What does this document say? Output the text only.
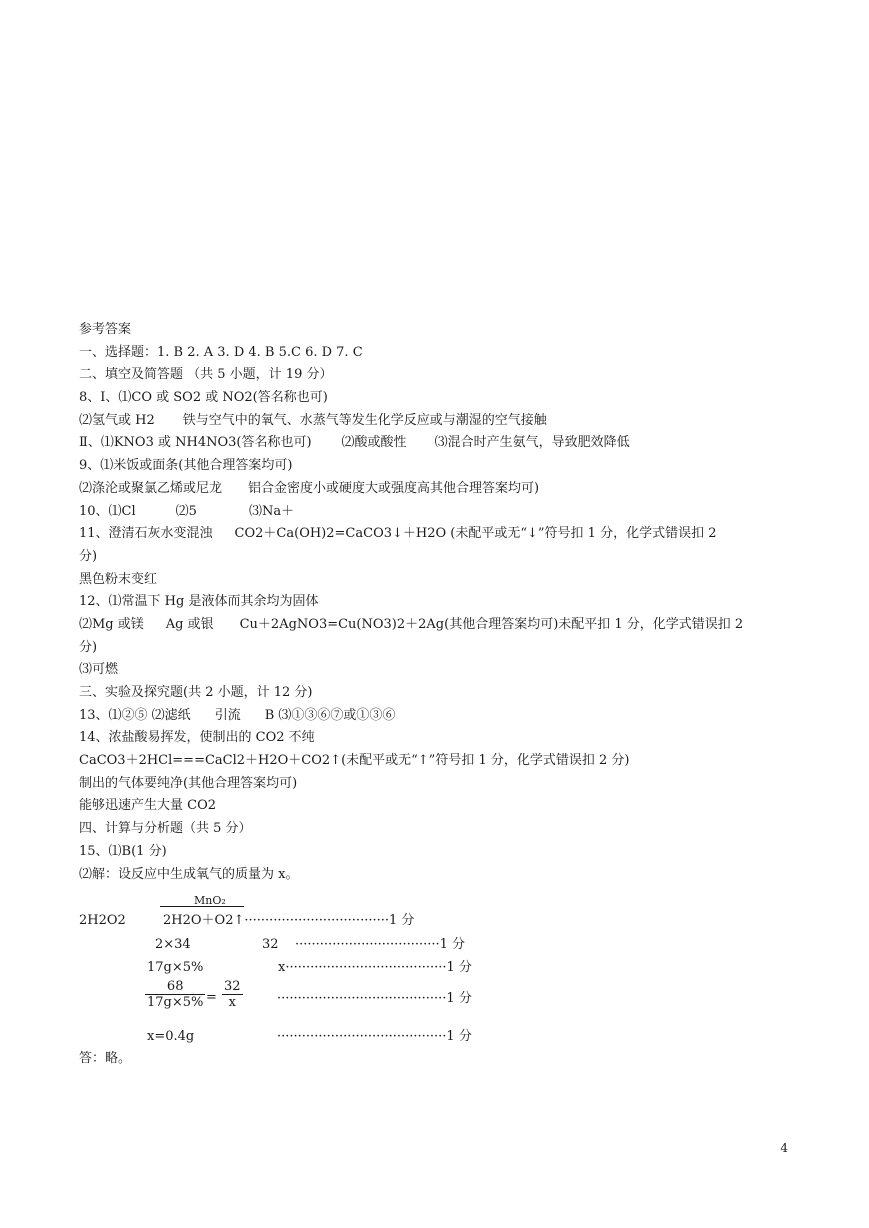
参考答案
一、选择题：1. B 2. A 3. D 4. B 5.C 6. D 7. C
二、填空及简答题 （共 5 小题，计 19 分）
8、Ⅰ、⑴CO 或 SO2 或 NO2(答名称也可)
⑵氢气或 H2 铁与空气中的氧气、水蒸气等发生化学反应或与潮湿的空气接触
Ⅱ、⑴KNO3 或 NH4NO3(答名称也可) ⑵酸或酸性 ⑶混合时产生氨气，导致肥效降低
9、⑴米饭或面条(其他合理答案均可)
⑵涤沦或聚氯乙烯或尼龙 铝合金密度小或硬度大或强度高其他合理答案均可)
10、⑴Cl	⑵5	⑶Na＋
11、澄清石灰水变混浊 CO2＋Ca(OH)2=CaCO3↓＋H2O (未配平或无“↓”符号扣 1 分，化学式错误扣 2
分)
黑色粉末变红
12、⑴常温下 Hg 是液体而其余均为固体
⑵Mg 或镁 Ag 或银 Cu＋2AgNO3=Cu(NO3)2＋2Ag(其他合理答案均可)未配平扣 1 分，化学式错误扣 2
分)
⑶可燃
三、实验及探究题(共 2 小题，计 12 分)
13、⑴②⑤ ⑵滤纸 引流 B ⑶①③⑥⑦或①③⑥
14、浓盐酸易挥发，使制出的 CO2 不纯
CaCO3＋2HCl===CaCl2＋H2O＋CO2↑(未配平或无“↑”符号扣 1 分，化学式错误扣 2 分)
制出的气体要纯净(其他合理答案均可)
能够迅速产生大量 CO2
四、计算与分析题（共 5 分）
15、⑴B(1 分)
⑵解：设反应中生成氧气的质量为 x。
MnO₂
2H2O2	2H2O＋O2↑···································1 分
2×34	32 ···································1 分
17g×5%	x·······································1 分
$\frac{68}{17g\times 5\%} = \frac{32}{x}$	·········································1 分
x=0.4g	·········································1 分
答：略。
4
